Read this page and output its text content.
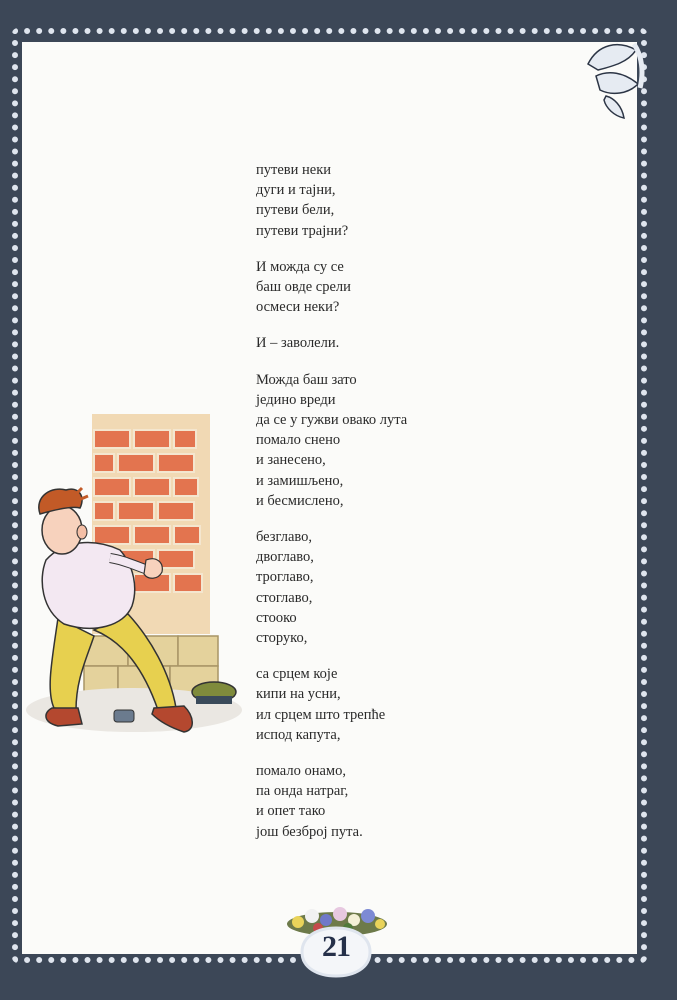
путеви неки
дуги и тајни,
путеви бели,
путеви трајни?
И можда су се
баш овде срели
осмеси неки?
И – заволели.
Можда баш зато
једино вреди
да се у гужви овако лута
помало снено
и занесено,
и замишљено,
и бесмислено,
безглаво,
двоглаво,
троглаво,
стоглаво,
стооко
сторуко,
са срцем које
кипи на усни,
ил срцем што трепће
испод капута,
помало онамо,
па онда натраг,
и опет тако
још безброј пута.
21
